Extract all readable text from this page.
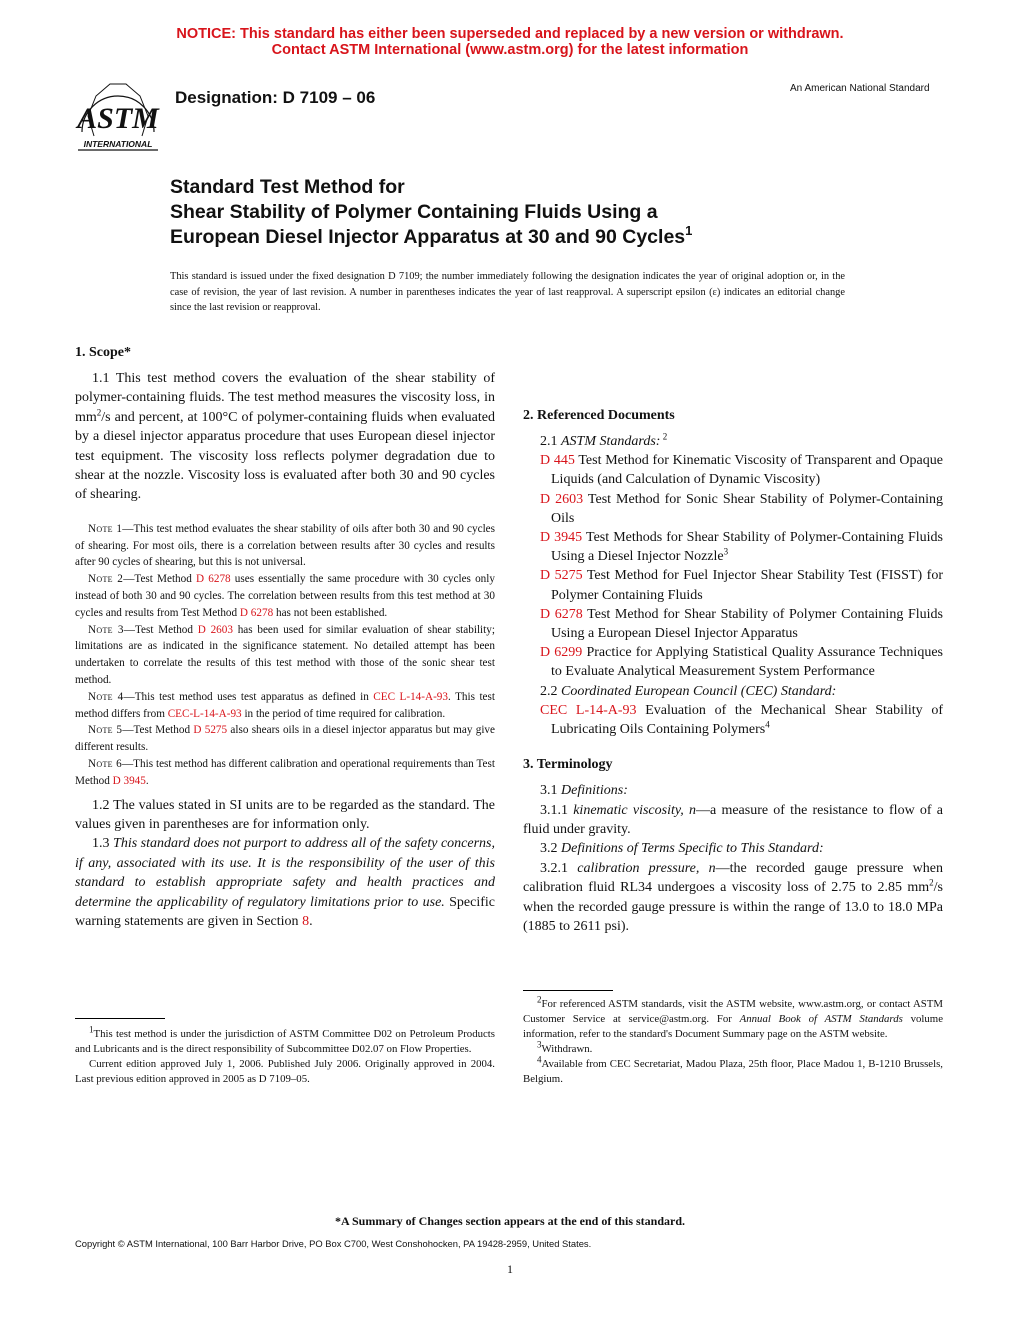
NOTICE: This standard has either been superseded and replaced by a new version or withdrawn.
Contact ASTM International (www.astm.org) for the latest information
ASTM
INTERNATIONAL
Designation: D 7109 – 06	An American National Standard
Standard Test Method for
Shear Stability of Polymer Containing Fluids Using a
European Diesel Injector Apparatus at 30 and 90 Cycles$^1$
This standard is issued under the fixed designation D 7109; the number immediately following the designation indicates the year of original adoption or, in the case of revision, the year of last revision. A number in parentheses indicates the year of last reapproval. A superscript epsilon (ε) indicates an editorial change since the last revision or reapproval.
1. Scope*

1.1 This test method covers the evaluation of the shear stability of polymer-containing fluids. The test method measures the viscosity loss, in $mm^2/s$ and percent, at 100°C of polymer-containing fluids when evaluated by a diesel injector apparatus procedure that uses European diesel injector test equipment. The viscosity loss reflects polymer degradation due to shear at the nozzle. Viscosity loss is evaluated after both 30 and 90 cycles of shearing.

Note 1—This test method evaluates the shear stability of oils after both 30 and 90 cycles of shearing. For most oils, there is a correlation between results after 30 cycles and results after 90 cycles of shearing, but this is not universal.

Note 2—Test Method D 6278 uses essentially the same procedure with 30 cycles only instead of both 30 and 90 cycles. The correlation between results from this test method at 30 cycles and results from Test Method D 6278 has not been established.

Note 3—Test Method D 2603 has been used for similar evaluation of shear stability; limitations are as indicated in the significance statement. No detailed attempt has been undertaken to correlate the results of this test method with those of the sonic shear test method.

Note 4—This test method uses test apparatus as defined in CEC L-14-A-93. This test method differs from CEC-L-14-A-93 in the period of time required for calibration.

Note 5—Test Method D 5275 also shears oils in a diesel injector apparatus but may give different results.

Note 6—This test method has different calibration and operational requirements than Test Method D 3945.

1.2 The values stated in SI units are to be regarded as the standard. The values given in parentheses are for information only.

1.3 This standard does not purport to address all of the safety concerns, if any, associated with its use. It is the responsibility of the user of this standard to establish appropriate safety and health practices and determine the applicability of regulatory limitations prior to use. Specific warning statements are given in Section 8.

2. Referenced Documents
2.1 ASTM Standards: $^2$

D 445 Test Method for Kinematic Viscosity of Transparent and Opaque Liquids (and Calculation of Dynamic Viscosity)

D 2603 Test Method for Sonic Shear Stability of Polymer-Containing Oils

D 3945 Test Methods for Shear Stability of Polymer-Containing Fluids Using a Diesel Injector Nozzle$^3$

D 5275 Test Method for Fuel Injector Shear Stability Test (FISST) for Polymer Containing Fluids

D 6278 Test Method for Shear Stability of Polymer Containing Fluids Using a European Diesel Injector Apparatus

D 6299 Practice for Applying Statistical Quality Assurance Techniques to Evaluate Analytical Measurement System Performance

2.2 Coordinated European Council (CEC) Standard:

CEC L-14-A-93 Evaluation of the Mechanical Shear Stability of Lubricating Oils Containing Polymers$^4$

3. Terminology

3.1 Definitions:

3.1.1 kinematic viscosity, n—a measure of the resistance to flow of a fluid under gravity.

3.2 Definitions of Terms Specific to This Standard:

3.2.1 calibration pressure, n—the recorded gauge pressure when calibration fluid RL34 undergoes a viscosity loss of 2.75 to 2.85 $mm^2/s$ when the recorded gauge pressure is within the range of 13.0 to 18.0 MPa (1885 to 2611 psi).

$^1$This test method is under the jurisdiction of ASTM Committee D02 on Petroleum Products and Lubricants and is the direct responsibility of Subcommittee D02.07 on Flow Properties.

Current edition approved July 1, 2006. Published July 2006. Originally approved in 2004. Last previous edition approved in 2005 as D 7109–05.

$^2$For referenced ASTM standards, visit the ASTM website, www.astm.org, or contact ASTM Customer Service at service@astm.org. For Annual Book of ASTM Standards volume information, refer to the standard's Document Summary page on the ASTM website.

$^3$Withdrawn.

$^4$Available from CEC Secretariat, Madou Plaza, 25th floor, Place Madou 1, B-1210 Brussels, Belgium.

*A Summary of Changes section appears at the end of this standard.
Copyright © ASTM International, 100 Barr Harbor Drive, PO Box C700, West Conshohocken, PA 19428-2959, United States.
1
